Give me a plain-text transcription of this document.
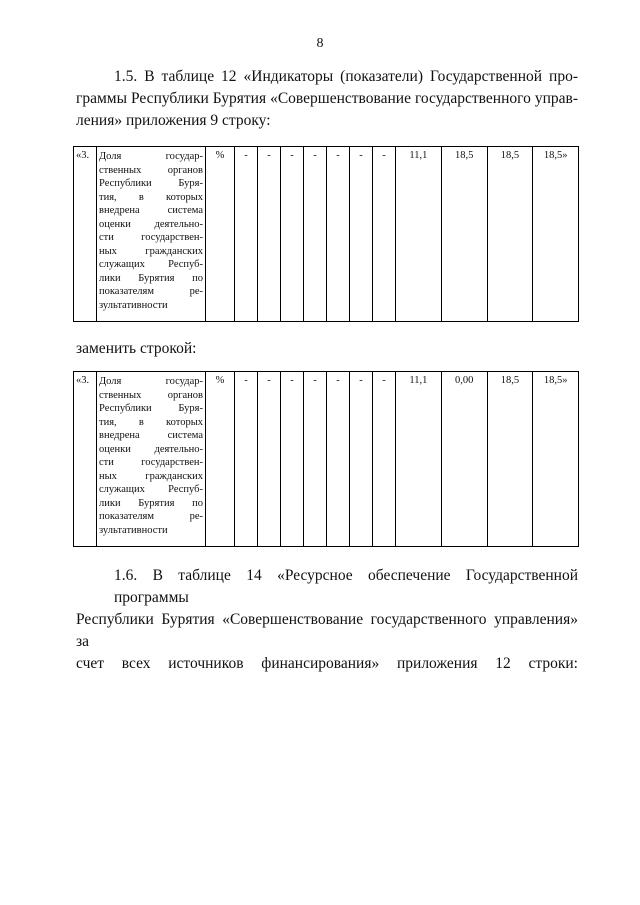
8
1.5. В таблице 12 «Индикаторы (показатели) Государственной про-
граммы Республики Бурятия «Совершенствование государственного управ-
ления» приложения 9 строку:
«3.	Доля государ-
ственных органов
Республики Буря-
тия, в которых
внедрена система
оценки деятельно-
сти государствен-
ных гражданских
служащих Респуб-
лики Бурятия по
показателям ре-
зультативности
	%	-	-	-	-	-	-	-	11,1	18,5	18,5	18,5»
заменить строкой:
«3.	Доля государ-
ственных органов
Республики Буря-
тия, в которых
внедрена система
оценки деятельно-
сти государствен-
ных гражданских
служащих Респуб-
лики Бурятия по
показателям ре-
зультативности
	%	-	-	-	-	-	-	-	11,1	0,00	18,5	18,5»
1.6. В таблице 14 «Ресурсное обеспечение Государственной программы
Республики Бурятия «Совершенствование государственного управления» за
счет всех источников финансирования» приложения 12 строки:
